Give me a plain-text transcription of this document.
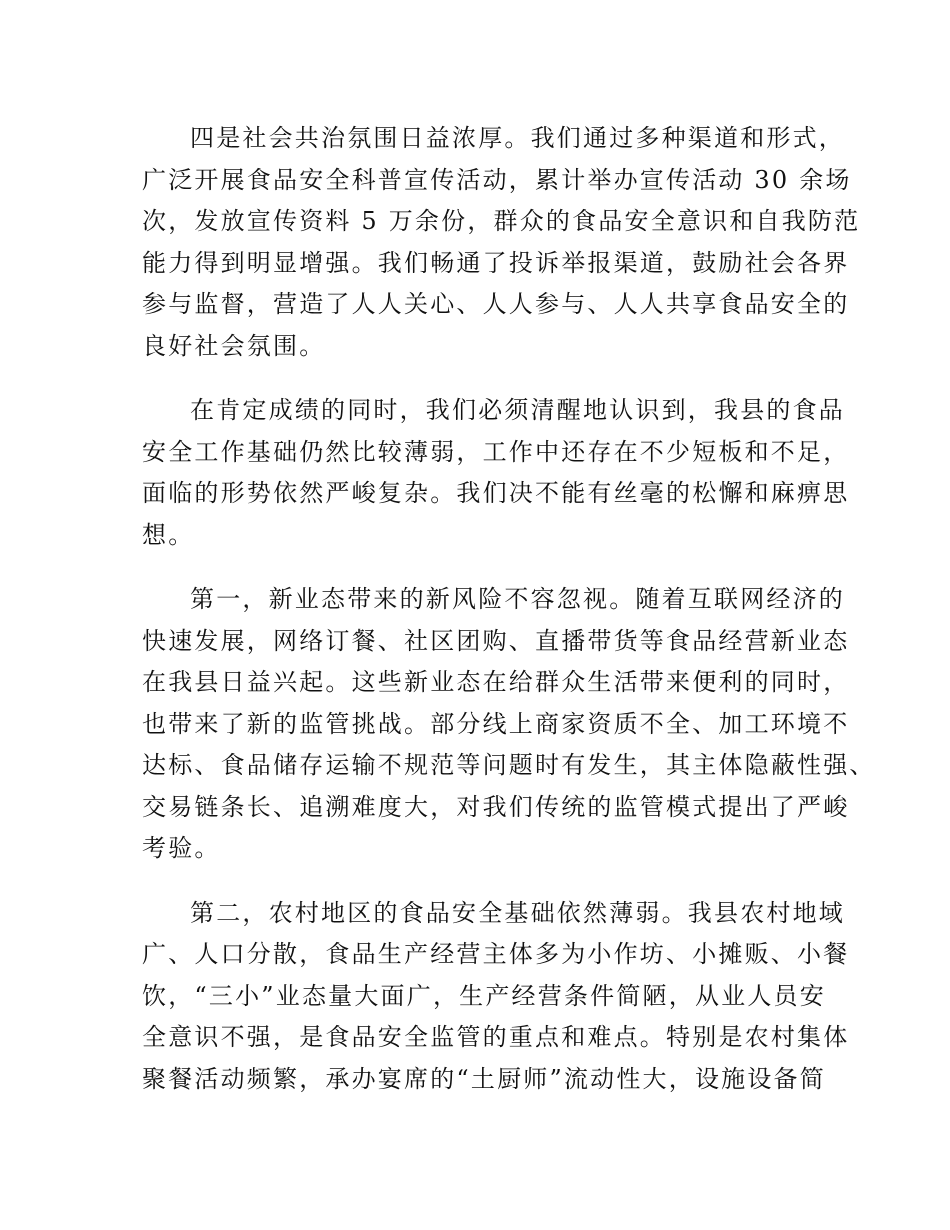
四是社会共治氛围日益浓厚。我们通过多种渠道和形式，
广泛开展食品安全科普宣传活动，累计举办宣传活动 30 余场
次，发放宣传资料 5 万余份，群众的食品安全意识和自我防范
能力得到明显增强。我们畅通了投诉举报渠道，鼓励社会各界
参与监督，营造了人人关心、人人参与、人人共享食品安全的
良好社会氛围。

在肯定成绩的同时，我们必须清醒地认识到，我县的食品
安全工作基础仍然比较薄弱，工作中还存在不少短板和不足，
面临的形势依然严峻复杂。我们决不能有丝毫的松懈和麻痹思
想。

第一，新业态带来的新风险不容忽视。随着互联网经济的
快速发展，网络订餐、社区团购、直播带货等食品经营新业态
在我县日益兴起。这些新业态在给群众生活带来便利的同时，
也带来了新的监管挑战。部分线上商家资质不全、加工环境不
达标、食品储存运输不规范等问题时有发生，其主体隐蔽性强、
交易链条长、追溯难度大，对我们传统的监管模式提出了严峻
考验。

第二，农村地区的食品安全基础依然薄弱。我县农村地域
广、人口分散，食品生产经营主体多为小作坊、小摊贩、小餐
饮，“三小”业态量大面广，生产经营条件简陋，从业人员安
全意识不强，是食品安全监管的重点和难点。特别是农村集体
聚餐活动频繁，承办宴席的“土厨师”流动性大，设施设备简
